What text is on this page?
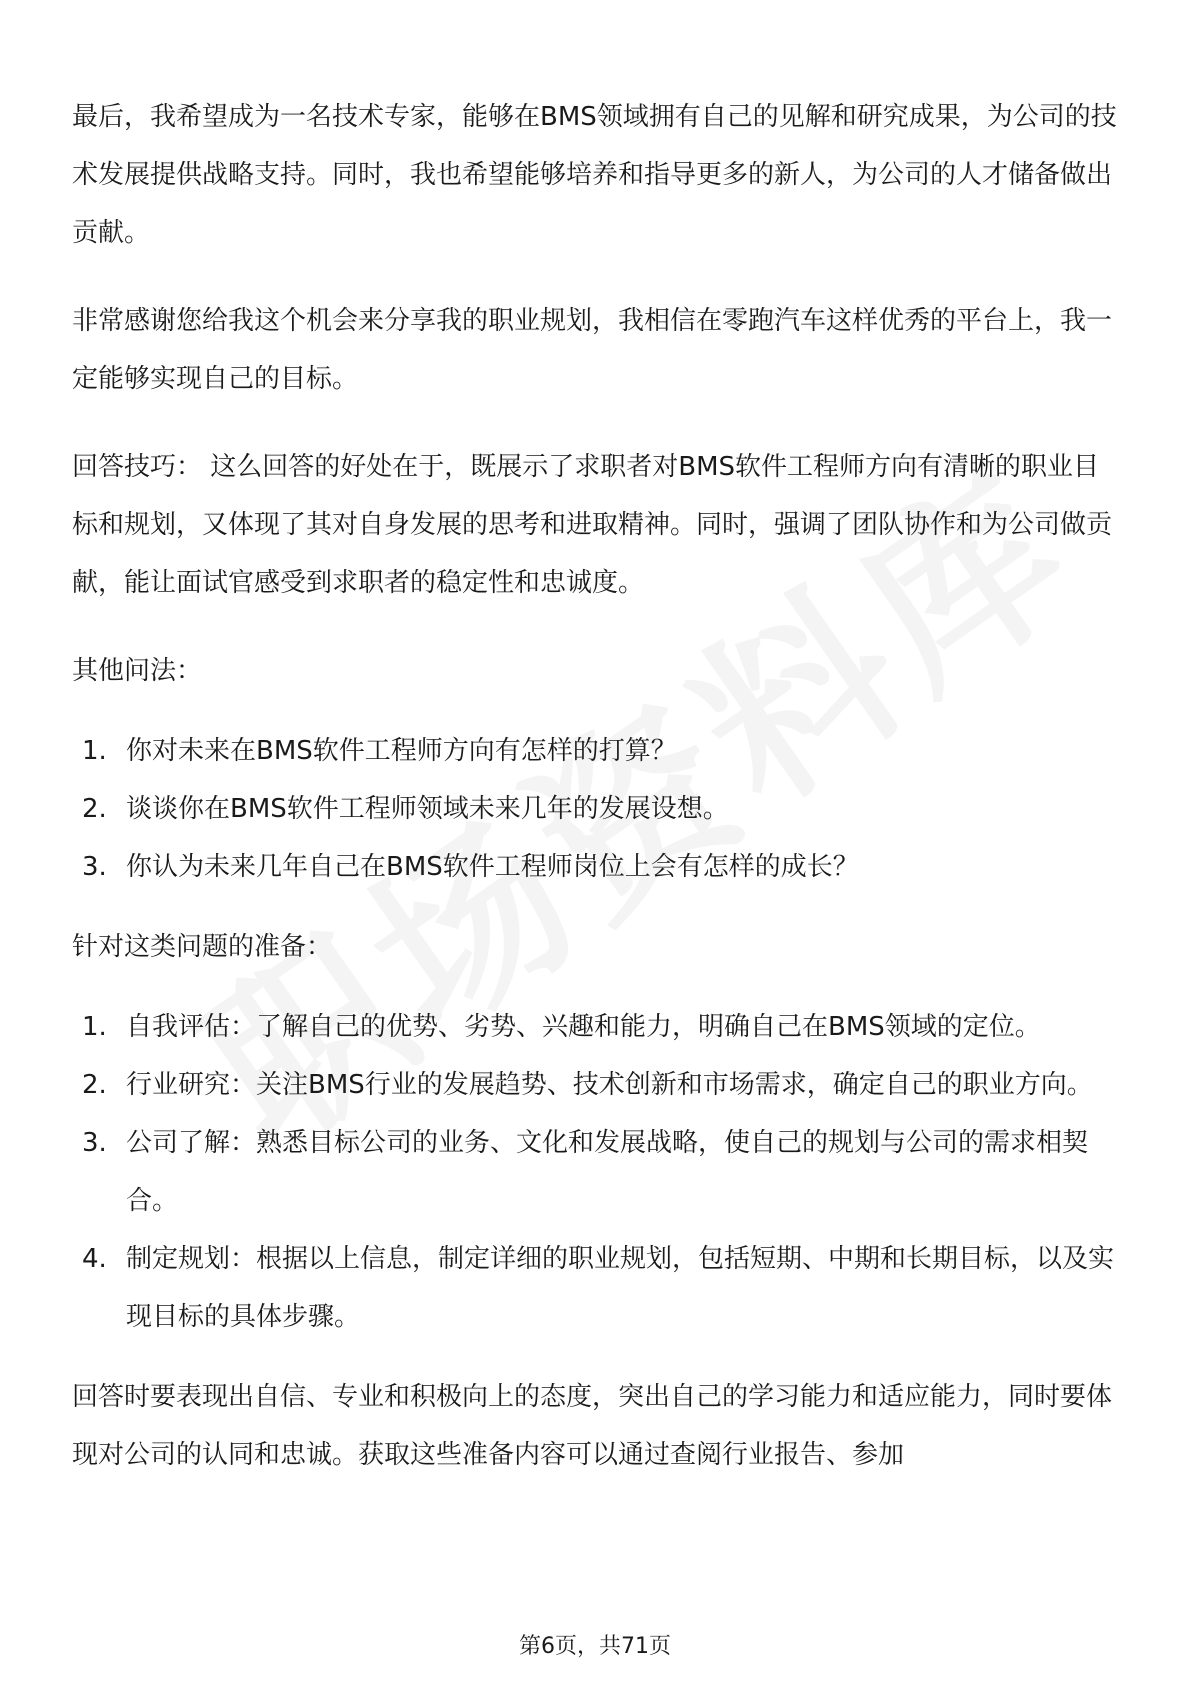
最后，我希望成为一名技术专家，能够在BMS领域拥有自己的见解和研究成果，为公司的技术发展提供战略支持。同时，我也希望能够培养和指导更多的新人，为公司的人才储备做出贡献。

非常感谢您给我这个机会来分享我的职业规划，我相信在零跑汽车这样优秀的平台上，我一定能够实现自己的目标。

回答技巧： 这么回答的好处在于，既展示了求职者对BMS软件工程师方向有清晰的职业目标和规划，又体现了其对自身发展的思考和进取精神。同时，强调了团队协作和为公司做贡献，能让面试官感受到求职者的稳定性和忠诚度。

其他问法：

1. 你对未来在BMS软件工程师方向有怎样的打算？
2. 谈谈你在BMS软件工程师领域未来几年的发展设想。
3. 你认为未来几年自己在BMS软件工程师岗位上会有怎样的成长？

针对这类问题的准备：

1. 自我评估：了解自己的优势、劣势、兴趣和能力，明确自己在BMS领域的定位。
2. 行业研究：关注BMS行业的发展趋势、技术创新和市场需求，确定自己的职业方向。
3. 公司了解：熟悉目标公司的业务、文化和发展战略，使自己的规划与公司的需求相契合。
4. 制定规划：根据以上信息，制定详细的职业规划，包括短期、中期和长期目标，以及实现目标的具体步骤。

回答时要表现出自信、专业和积极向上的态度，突出自己的学习能力和适应能力，同时要体现对公司的认同和忠诚。获取这些准备内容可以通过查阅行业报告、参加

第6页，共71页
